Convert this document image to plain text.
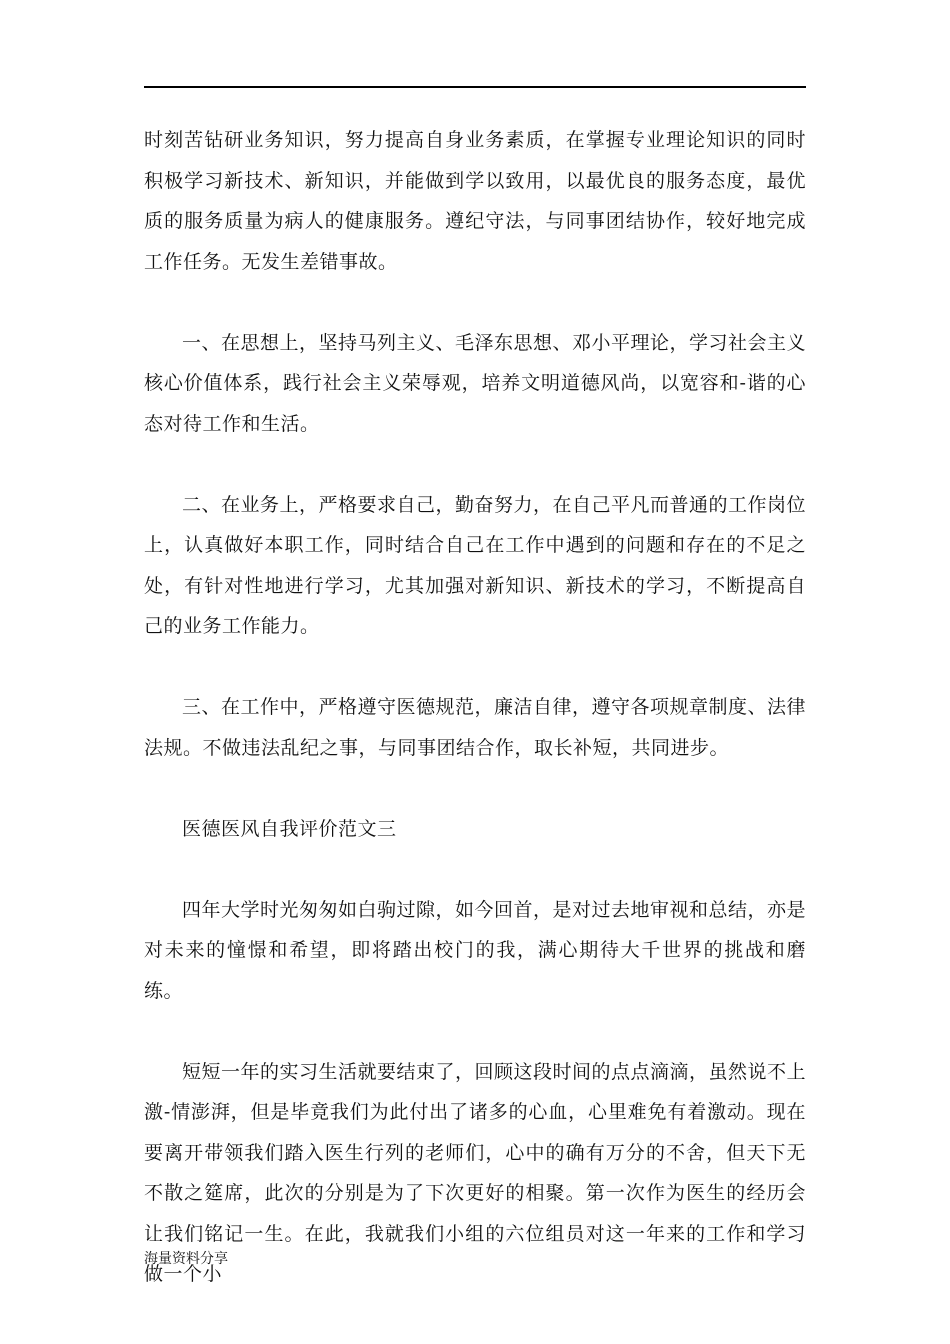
时刻苦钻研业务知识，努力提高自身业务素质，在掌握专业理论知识的同时积极学习新技术、新知识，并能做到学以致用，以最优良的服务态度，最优质的服务质量为病人的健康服务。遵纪守法，与同事团结协作，较好地完成工作任务。无发生差错事故。

一、在思想上，坚持马列主义、毛泽东思想、邓小平理论，学习社会主义核心价值体系，践行社会主义荣辱观，培养文明道德风尚，以宽容和-谐的心态对待工作和生活。

二、在业务上，严格要求自己，勤奋努力，在自己平凡而普通的工作岗位上，认真做好本职工作，同时结合自己在工作中遇到的问题和存在的不足之处，有针对性地进行学习，尤其加强对新知识、新技术的学习，不断提高自己的业务工作能力。

三、在工作中，严格遵守医德规范，廉洁自律，遵守各项规章制度、法律法规。不做违法乱纪之事，与同事团结合作，取长补短，共同进步。

医德医风自我评价范文三

四年大学时光匆匆如白驹过隙，如今回首，是对过去地审视和总结，亦是对未来的憧憬和希望，即将踏出校门的我，满心期待大千世界的挑战和磨练。

短短一年的实习生活就要结束了，回顾这段时间的点点滴滴，虽然说不上激-情澎湃，但是毕竟我们为此付出了诸多的心血，心里难免有着激动。现在要离开带领我们踏入医生行列的老师们，心中的确有万分的不舍，但天下无不散之筵席，此次的分别是为了下次更好的相聚。第一次作为医生的经历会让我们铭记一生。在此，我就我们小组的六位组员对这一年来的工作和学习做一个小

海量资料分享
